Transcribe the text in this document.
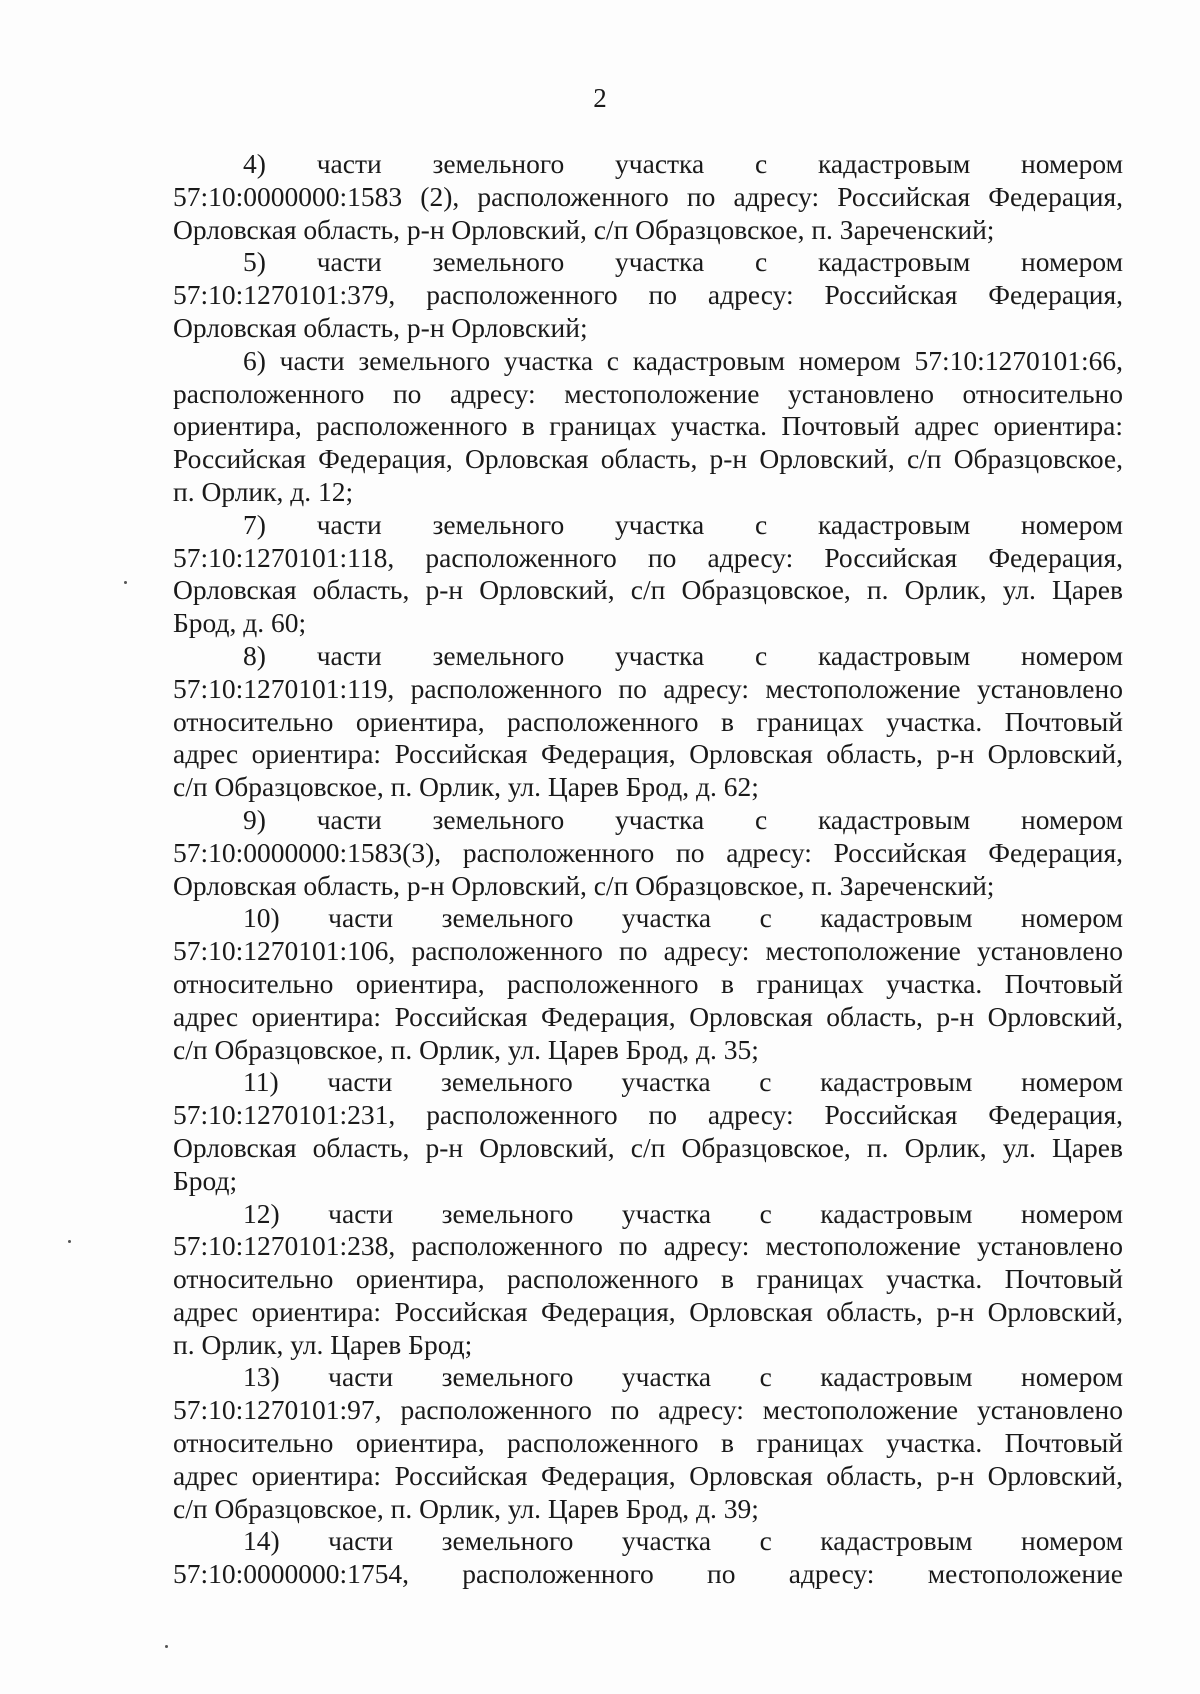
2
4) части земельного участка с кадастровым номером
57:10:0000000:1583 (2), расположенного по адресу: Российская Федерация,
Орловская область, р-н Орловский, с/п Образцовское, п. Зареченский;
5) части земельного участка с кадастровым номером
57:10:1270101:379, расположенного по адресу: Российская Федерация,
Орловская область, р-н Орловский;
6) части земельного участка с кадастровым номером 57:10:1270101:66,
расположенного по адресу: местоположение установлено относительно
ориентира, расположенного в границах участка. Почтовый адрес ориентира:
Российская Федерация, Орловская область, р-н Орловский, с/п Образцовское,
п. Орлик, д. 12;
7) части земельного участка с кадастровым номером
57:10:1270101:118, расположенного по адресу: Российская Федерация,
Орловская область, р-н Орловский, с/п Образцовское, п. Орлик, ул. Царев
Брод, д. 60;
8) части земельного участка с кадастровым номером
57:10:1270101:119, расположенного по адресу: местоположение установлено
относительно ориентира, расположенного в границах участка. Почтовый
адрес ориентира: Российская Федерация, Орловская область, р-н Орловский,
с/п Образцовское, п. Орлик, ул. Царев Брод, д. 62;
9) части земельного участка с кадастровым номером
57:10:0000000:1583(3), расположенного по адресу: Российская Федерация,
Орловская область, р-н Орловский, с/п Образцовское, п. Зареченский;
10) части земельного участка с кадастровым номером
57:10:1270101:106, расположенного по адресу: местоположение установлено
относительно ориентира, расположенного в границах участка. Почтовый
адрес ориентира: Российская Федерация, Орловская область, р-н Орловский,
с/п Образцовское, п. Орлик, ул. Царев Брод, д. 35;
11) части земельного участка с кадастровым номером
57:10:1270101:231, расположенного по адресу: Российская Федерация,
Орловская область, р-н Орловский, с/п Образцовское, п. Орлик, ул. Царев
Брод;
12) части земельного участка с кадастровым номером
57:10:1270101:238, расположенного по адресу: местоположение установлено
относительно ориентира, расположенного в границах участка. Почтовый
адрес ориентира: Российская Федерация, Орловская область, р-н Орловский,
п. Орлик, ул. Царев Брод;
13) части земельного участка с кадастровым номером
57:10:1270101:97, расположенного по адресу: местоположение установлено
относительно ориентира, расположенного в границах участка. Почтовый
адрес ориентира: Российская Федерация, Орловская область, р-н Орловский,
с/п Образцовское, п. Орлик, ул. Царев Брод, д. 39;
14) части земельного участка с кадастровым номером
57:10:0000000:1754, расположенного по адресу: местоположение
